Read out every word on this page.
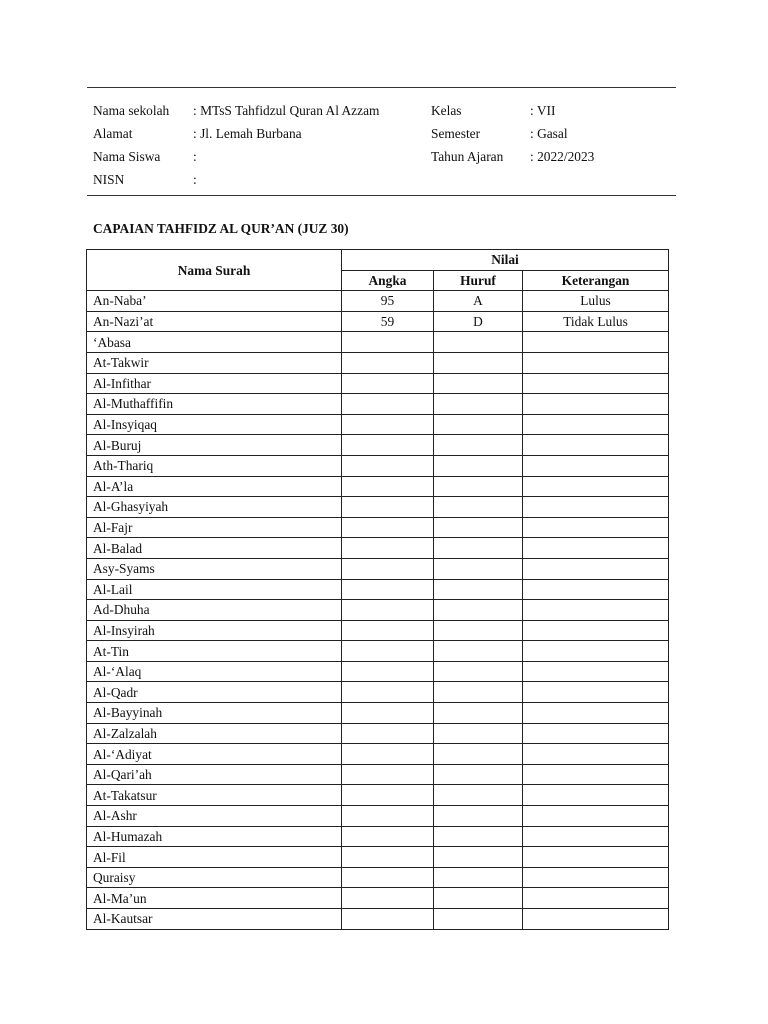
Nama sekolah : MTsS Tahfidzul Quran Al Azzam	Kelas	: VII
Alamat	: Jl. Lemah Burbana	Semester	: Gasal
Nama Siswa :	Tahun Ajaran : 2022/2023
NISN	:
CAPAIAN TAHFIDZ AL QUR’AN (JUZ 30)
Nama Surah	Nilai		
	Angka	Huruf	Keterangan
An-Naba’	95	A	Lulus
An-Nazi’at	59	D	Tidak Lulus
‘Abasa			
At-Takwir			
Al-Infithar			
Al-Muthaffifin			
Al-Insyiqaq			
Al-Buruj			
Ath-Thariq			
Al-A’la			
Al-Ghasyiyah			
Al-Fajr			
Al-Balad			
Asy-Syams			
Al-Lail			
Ad-Dhuha			
Al-Insyirah			
At-Tin			
Al-‘Alaq			
Al-Qadr			
Al-Bayyinah			
Al-Zalzalah			
Al-‘Adiyat			
Al-Qari’ah			
At-Takatsur			
Al-Ashr			
Al-Humazah			
Al-Fil			
Quraisy			
Al-Ma’un			
Al-Kautsar			
